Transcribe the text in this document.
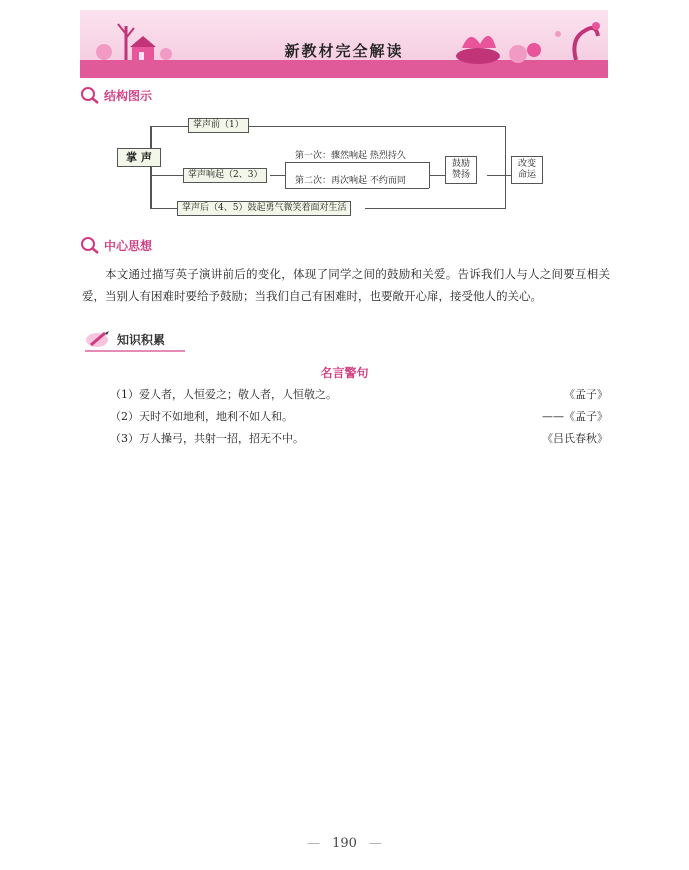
新教材完全解读
结构图示
掌 声
掌声前（1）
掌声响起（2、3）
第一次：骤然响起 热烈持久
第二次：再次响起 不约而同
鼓励
赞扬
改变
命运
掌声后（4、5）鼓起勇气微笑着面对生活
中心思想

本文通过描写英子演讲前后的变化，体现了同学之间的鼓励和关爱。告诉我们人与人之间要互相关爱，当别人有困难时要给予鼓励；当我们自己有困难时，也要敞开心扉，接受他人的关心。

知识积累
名言警句
（1）爱人者，人恒爱之；敬人者，人恒敬之。	《孟子》
（2）天时不如地利，地利不如人和。	——《孟子》
（3）万人操弓，共射一招，招无不中。	《吕氏春秋》
— 190 —
